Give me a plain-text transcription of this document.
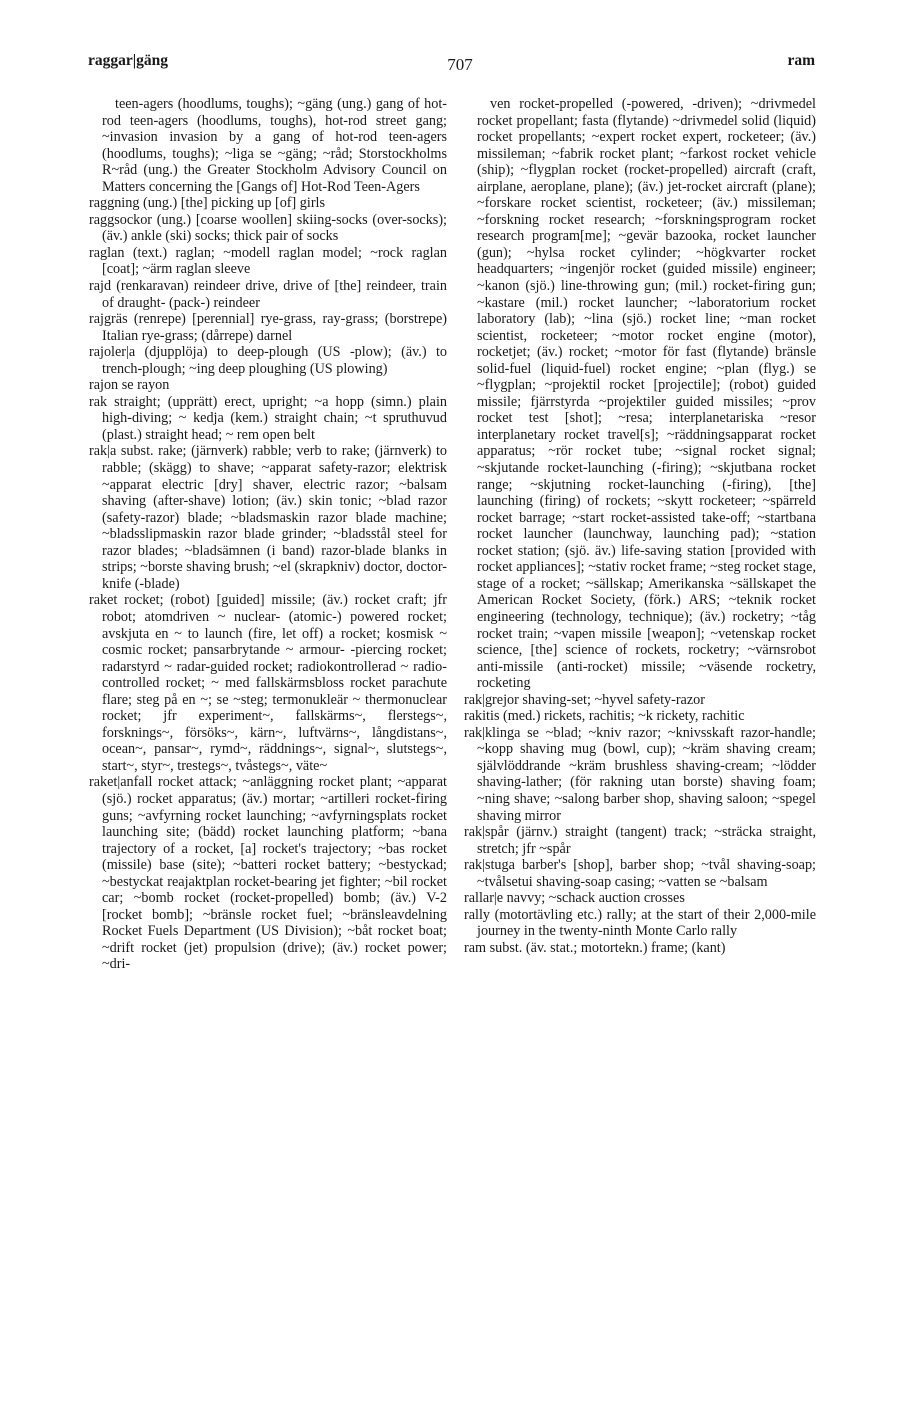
raggar|gäng	707	ram

teen-agers (hoodlums, toughs); ~gäng (ung.) gang of hot-rod teen-agers (hoodlums, toughs), hot-rod street gang; ~invasion invasion by a gang of hot-rod teen-agers (hoodlums, toughs); ~liga se ~gäng; ~råd; Storstockholms R~råd (ung.) the Greater Stockholm Advisory Council on Matters concerning the [Gangs of] Hot-Rod Teen-Agers

raggning (ung.) [the] picking up [of] girls

raggsockor (ung.) [coarse woollen] skiing-socks (over-socks); (äv.) ankle (ski) socks; thick pair of socks

raglan (text.) raglan; ~modell raglan model; ~rock raglan [coat]; ~ärm raglan sleeve

rajd (renkaravan) reindeer drive, drive of [the] reindeer, train of draught- (pack-) reindeer

rajgräs (renrepe) [perennial] rye-grass, ray-grass; (borstrepe) Italian rye-grass; (dårrepe) darnel

rajoler|a (djupplöja) to deep-plough (US -plow); (äv.) to trench-plough; ~ing deep ploughing (US plowing)

rajon se rayon

rak straight; (upprätt) erect, upright; ~a hopp (simn.) plain high-diving; ~ kedja (kem.) straight chain; ~t spruthuvud (plast.) straight head; ~ rem open belt

rak|a subst. rake; (järnverk) rabble; verb to rake; (järnverk) to rabble; (skägg) to shave; ~apparat safety-razor; elektrisk ~apparat electric [dry] shaver, electric razor; ~balsam shaving (after-shave) lotion; (äv.) skin tonic; ~blad razor (safety-razor) blade; ~bladsmaskin razor blade machine; ~bladsslipmaskin razor blade grinder; ~bladsstål steel for razor blades; ~bladsämnen (i band) razor-blade blanks in strips; ~borste shaving brush; ~el (skrapkniv) doctor, doctor-knife (-blade)

raket rocket; (robot) [guided] missile; (äv.) rocket craft; jfr robot; atomdriven ~ nuclear- (atomic-) powered rocket; avskjuta en ~ to launch (fire, let off) a rocket; kosmisk ~ cosmic rocket; pansarbrytande ~ armour- -piercing rocket; radarstyrd ~ radar-guided rocket; radiokontrollerad ~ radio-controlled rocket; ~ med fallskärmsbloss rocket parachute flare; steg på en ~; se ~steg; termonukleär ~ thermonuclear rocket; jfr experiment~, fallskärms~, flerstegs~, forsknings~, försöks~, kärn~, luftvärns~, långdistans~, ocean~, pansar~, rymd~, räddnings~, signal~, slutstegs~, start~, styr~, trestegs~, tvåstegs~, väte~

raket|anfall rocket attack; ~anläggning rocket plant; ~apparat (sjö.) rocket apparatus; (äv.) mortar; ~artilleri rocket-firing guns; ~avfyrning rocket launching; ~avfyrningsplats rocket launching site; (bädd) rocket launching platform; ~bana trajectory of a rocket, [a] rocket's trajectory; ~bas rocket (missile) base (site); ~batteri rocket battery; ~bestyckad; ~bestyckat reajaktplan rocket-bearing jet fighter; ~bil rocket car; ~bomb rocket (rocket-propelled) bomb; (äv.) V-2 [rocket bomb]; ~bränsle rocket fuel; ~bränsleavdelning Rocket Fuels Department (US Division); ~båt rocket boat; ~drift rocket (jet) propulsion (drive); (äv.) rocket power; ~dri-

ven rocket-propelled (-powered, -driven); ~drivmedel rocket propellant; fasta (flytande) ~drivmedel solid (liquid) rocket propellants; ~expert rocket expert, rocketeer; (äv.) missileman; ~fabrik rocket plant; ~farkost rocket vehicle (ship); ~flygplan rocket (rocket-propelled) aircraft (craft, airplane, aeroplane, plane); (äv.) jet-rocket aircraft (plane); ~forskare rocket scientist, rocketeer; (äv.) missileman; ~forskning rocket research; ~forskningsprogram rocket research program[me]; ~gevär bazooka, rocket launcher (gun); ~hylsa rocket cylinder; ~högkvarter rocket headquarters; ~ingenjör rocket (guided missile) engineer; ~kanon (sjö.) line-throwing gun; (mil.) rocket-firing gun; ~kastare (mil.) rocket launcher; ~laboratorium rocket laboratory (lab); ~lina (sjö.) rocket line; ~man rocket scientist, rocketeer; ~motor rocket engine (motor), rocketjet; (äv.) rocket; ~motor för fast (flytande) bränsle solid-fuel (liquid-fuel) rocket engine; ~plan (flyg.) se ~flygplan; ~projektil rocket [projectile]; (robot) guided missile; fjärrstyrda ~projektiler guided missiles; ~prov rocket test [shot]; ~resa; interplanetariska ~resor interplanetary rocket travel[s]; ~räddningsapparat rocket apparatus; ~rör rocket tube; ~signal rocket signal; ~skjutande rocket-launching (-firing); ~skjutbana rocket range; ~skjutning rocket-launching (-firing), [the] launching (firing) of rockets; ~skytt rocketeer; ~spärreld rocket barrage; ~start rocket-assisted take-off; ~startbana rocket launcher (launchway, launching pad); ~station rocket station; (sjö. äv.) life-saving station [provided with rocket appliances]; ~stativ rocket frame; ~steg rocket stage, stage of a rocket; ~sällskap; Amerikanska ~sällskapet the American Rocket Society, (förk.) ARS; ~teknik rocket engineering (technology, technique); (äv.) rocketry; ~tåg rocket train; ~vapen missile [weapon]; ~vetenskap rocket science, [the] science of rockets, rocketry; ~värnsrobot anti-missile (anti-rocket) missile; ~väsende rocketry, rocketing

rak|grejor shaving-set; ~hyvel safety-razor

rakitis (med.) rickets, rachitis; ~k rickety, rachitic

rak|klinga se ~blad; ~kniv razor; ~knivsskaft razor-handle; ~kopp shaving mug (bowl, cup); ~kräm shaving cream; självlöddrande ~kräm brushless shaving-cream; ~lödder shaving-lather; (för rakning utan borste) shaving foam; ~ning shave; ~salong barber shop, shaving saloon; ~spegel shaving mirror

rak|spår (järnv.) straight (tangent) track; ~sträcka straight, stretch; jfr ~spår

rak|stuga barber's [shop], barber shop; ~tvål shaving-soap; ~tvålsetui shaving-soap casing; ~vatten se ~balsam

rallar|e navvy; ~schack auction crosses

rally (motortävling etc.) rally; at the start of their 2,000-mile journey in the twenty-ninth Monte Carlo rally

ram subst. (äv. stat.; motortekn.) frame; (kant)
